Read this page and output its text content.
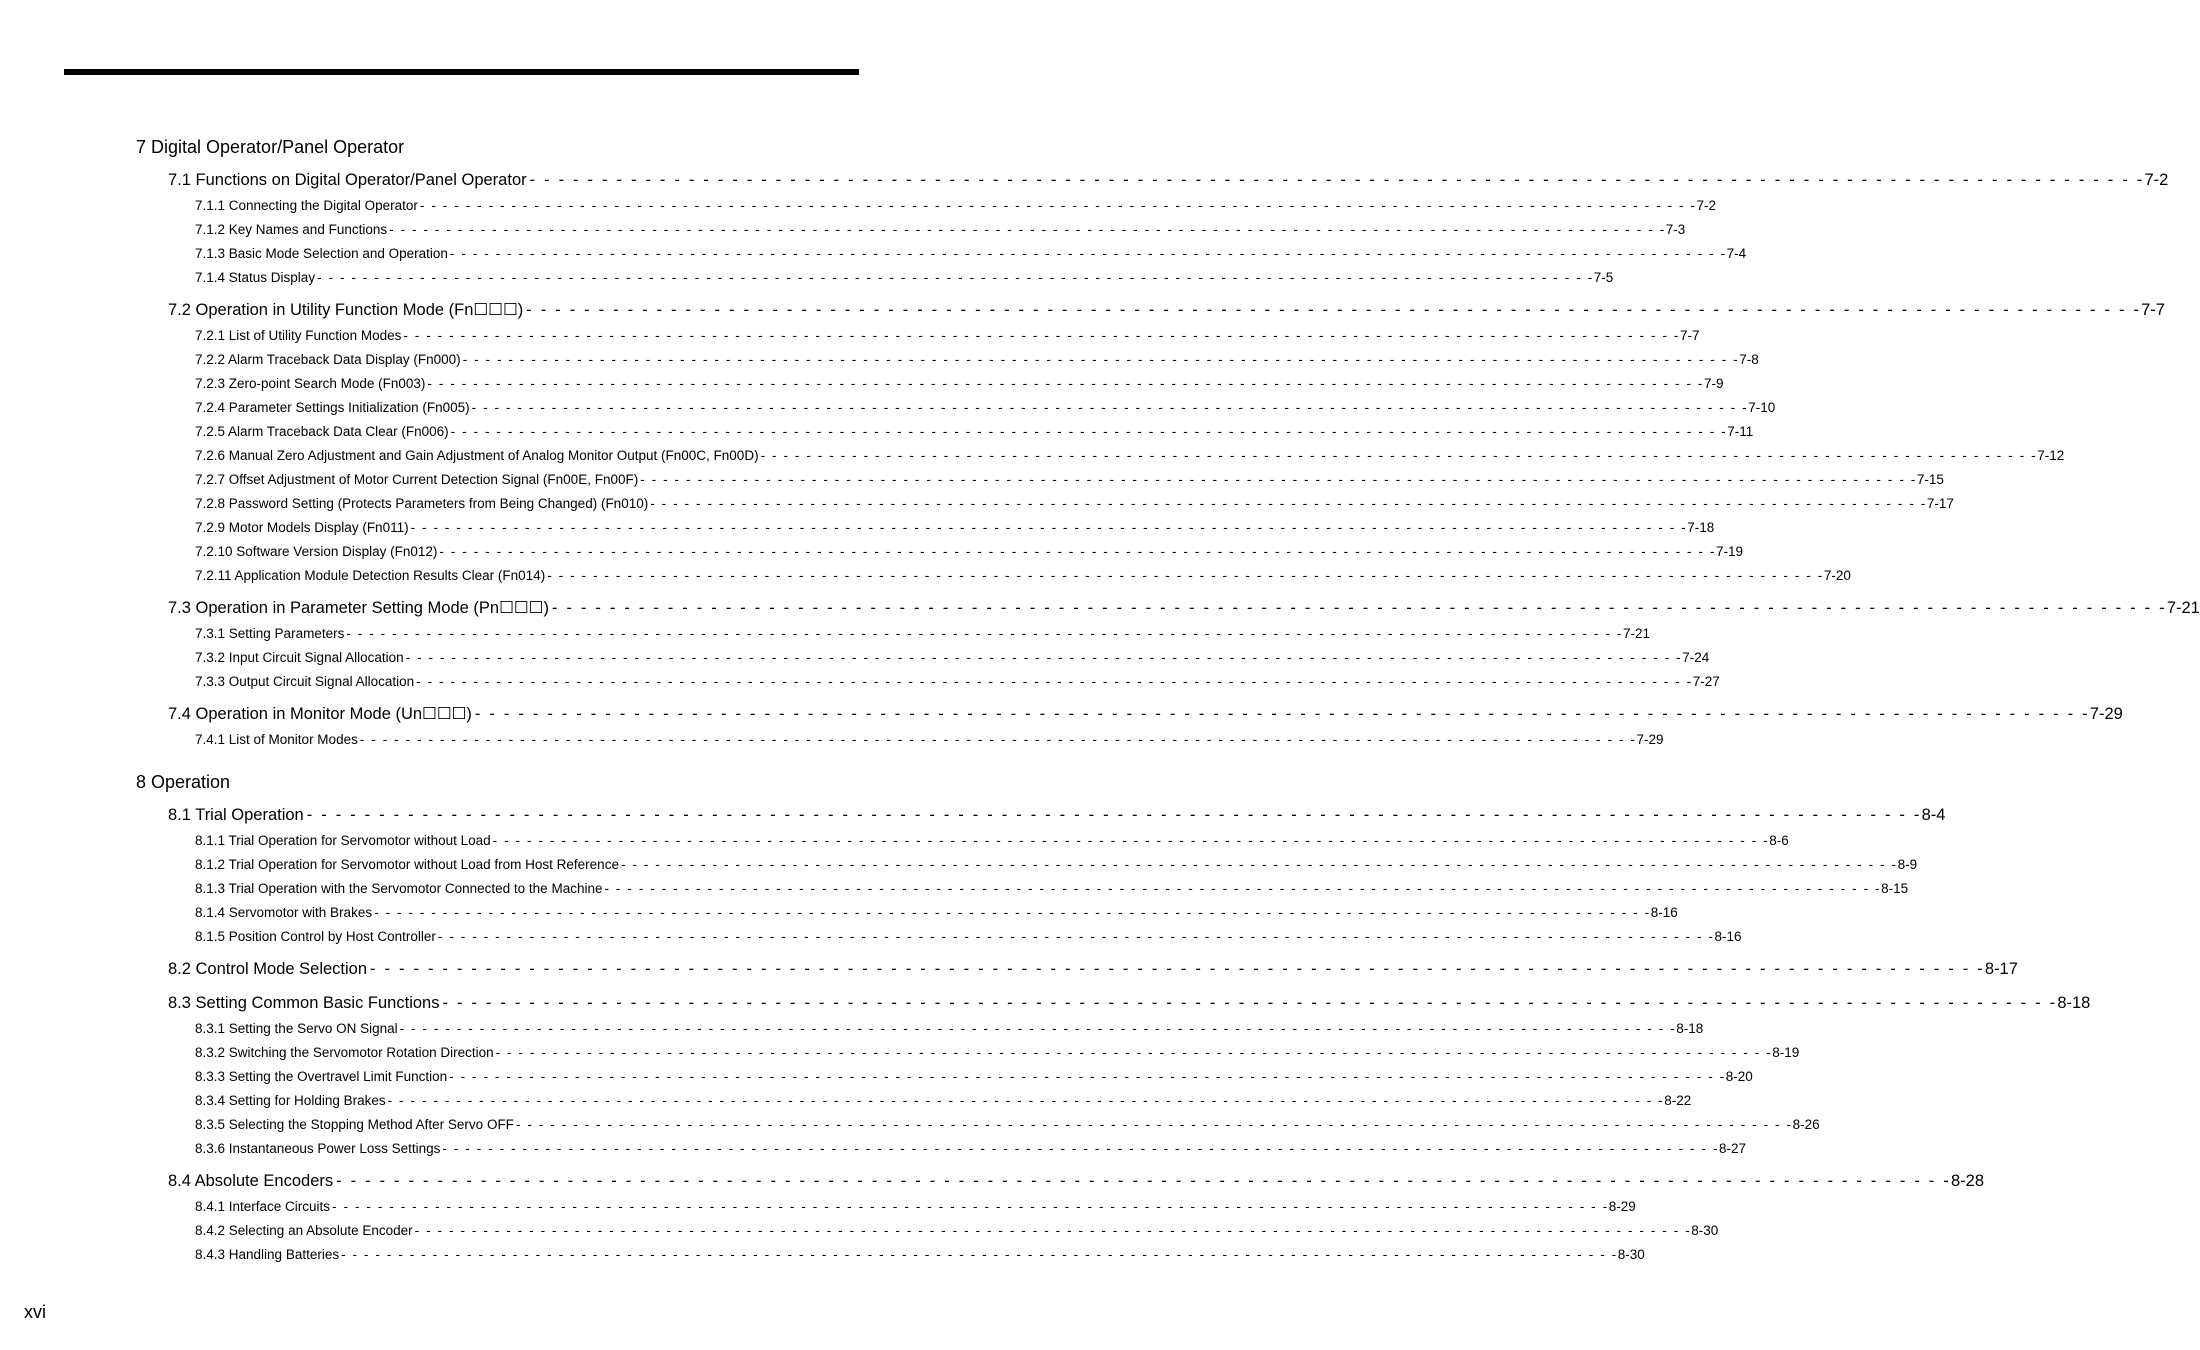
7 Digital Operator/Panel Operator
8 Operation
7.1 Functions on Digital Operator/Panel Operator - - - - - - - - - - - - - - - - - - - - - - - - - - - - - - - - - - - - - - - - - - - - - - - - - - - - - - - - - - - - - - - - - - - - - - - - - - - - - - - - - - - - - - - - - - - - - - - - - - - - - - - - - - - - - - - - 7-2
7.1.1 Connecting the Digital Operator - - - - - - - - - - - - - - - - - - - - - - - - - - - - - - - - - - - - - - - - - - - - - - - - - - - - - - - - - - - - - - - - - - - - - - - - - - - - - - - - - - - - - - - - - - - - - - - - - - - - - - - - - - - - - - - - 7-2
7.1.2 Key Names and Functions - - - - - - - - - - - - - - - - - - - - - - - - - - - - - - - - - - - - - - - - - - - - - - - - - - - - - - - - - - - - - - - - - - - - - - - - - - - - - - - - - - - - - - - - - - - - - - - - - - - - - - - - - - - - - - - - 7-3
7.1.3 Basic Mode Selection and Operation - - - - - - - - - - - - - - - - - - - - - - - - - - - - - - - - - - - - - - - - - - - - - - - - - - - - - - - - - - - - - - - - - - - - - - - - - - - - - - - - - - - - - - - - - - - - - - - - - - - - - - - - - - - - - - - - 7-4
7.1.4 Status Display - - - - - - - - - - - - - - - - - - - - - - - - - - - - - - - - - - - - - - - - - - - - - - - - - - - - - - - - - - - - - - - - - - - - - - - - - - - - - - - - - - - - - - - - - - - - - - - - - - - - - - - - - - - - - - - - 7-5
7.2 Operation in Utility Function Mode (Fn☐☐☐) - - - - - - - - - - - - - - - - - - - - - - - - - - - - - - - - - - - - - - - - - - - - - - - - - - - - - - - - - - - - - - - - - - - - - - - - - - - - - - - - - - - - - - - - - - - - - - - - - - - - - - - - - - - - - - - - 7-7
7.2.1 List of Utility Function Modes - - - - - - - - - - - - - - - - - - - - - - - - - - - - - - - - - - - - - - - - - - - - - - - - - - - - - - - - - - - - - - - - - - - - - - - - - - - - - - - - - - - - - - - - - - - - - - - - - - - - - - - - - - - - - - - - 7-7
7.2.2 Alarm Traceback Data Display (Fn000) - - - - - - - - - - - - - - - - - - - - - - - - - - - - - - - - - - - - - - - - - - - - - - - - - - - - - - - - - - - - - - - - - - - - - - - - - - - - - - - - - - - - - - - - - - - - - - - - - - - - - - - - - - - - - - - - 7-8
7.2.3 Zero-point Search Mode (Fn003) - - - - - - - - - - - - - - - - - - - - - - - - - - - - - - - - - - - - - - - - - - - - - - - - - - - - - - - - - - - - - - - - - - - - - - - - - - - - - - - - - - - - - - - - - - - - - - - - - - - - - - - - - - - - - - - - 7-9
7.2.4 Parameter Settings Initialization (Fn005) - - - - - - - - - - - - - - - - - - - - - - - - - - - - - - - - - - - - - - - - - - - - - - - - - - - - - - - - - - - - - - - - - - - - - - - - - - - - - - - - - - - - - - - - - - - - - - - - - - - - - - - - - - - - - - - - 7-10
7.2.5 Alarm Traceback Data Clear (Fn006) - - - - - - - - - - - - - - - - - - - - - - - - - - - - - - - - - - - - - - - - - - - - - - - - - - - - - - - - - - - - - - - - - - - - - - - - - - - - - - - - - - - - - - - - - - - - - - - - - - - - - - - - - - - - - - - - 7-11
7.2.6 Manual Zero Adjustment and Gain Adjustment of Analog Monitor Output (Fn00C, Fn00D) - - - - - - - - - - - - - - - - - - - - - - - - - - - - - - - - - - - - - - - - - - - - - - - - - - - - - - - - - - - - - - - - - - - - - - - - - - - - - - - - - - - - - - - - - - - - - - - - - - - - - - - - - - - - - - - - 7-12
7.2.7 Offset Adjustment of Motor Current Detection Signal (Fn00E, Fn00F) - - - - - - - - - - - - - - - - - - - - - - - - - - - - - - - - - - - - - - - - - - - - - - - - - - - - - - - - - - - - - - - - - - - - - - - - - - - - - - - - - - - - - - - - - - - - - - - - - - - - - - - - - - - - - - - - 7-15
7.2.8 Password Setting (Protects Parameters from Being Changed) (Fn010) - - - - - - - - - - - - - - - - - - - - - - - - - - - - - - - - - - - - - - - - - - - - - - - - - - - - - - - - - - - - - - - - - - - - - - - - - - - - - - - - - - - - - - - - - - - - - - - - - - - - - - - - - - - - - - - - 7-17
7.2.9 Motor Models Display (Fn011) - - - - - - - - - - - - - - - - - - - - - - - - - - - - - - - - - - - - - - - - - - - - - - - - - - - - - - - - - - - - - - - - - - - - - - - - - - - - - - - - - - - - - - - - - - - - - - - - - - - - - - - - - - - - - - - - 7-18
7.2.10 Software Version Display (Fn012) - - - - - - - - - - - - - - - - - - - - - - - - - - - - - - - - - - - - - - - - - - - - - - - - - - - - - - - - - - - - - - - - - - - - - - - - - - - - - - - - - - - - - - - - - - - - - - - - - - - - - - - - - - - - - - - - 7-19
7.2.11 Application Module Detection Results Clear (Fn014) - - - - - - - - - - - - - - - - - - - - - - - - - - - - - - - - - - - - - - - - - - - - - - - - - - - - - - - - - - - - - - - - - - - - - - - - - - - - - - - - - - - - - - - - - - - - - - - - - - - - - - - - - - - - - - - - 7-20
7.3 Operation in Parameter Setting Mode (Pn☐☐☐) - - - - - - - - - - - - - - - - - - - - - - - - - - - - - - - - - - - - - - - - - - - - - - - - - - - - - - - - - - - - - - - - - - - - - - - - - - - - - - - - - - - - - - - - - - - - - - - - - - - - - - - - - - - - - - - - 7-21
7.3.1 Setting Parameters - - - - - - - - - - - - - - - - - - - - - - - - - - - - - - - - - - - - - - - - - - - - - - - - - - - - - - - - - - - - - - - - - - - - - - - - - - - - - - - - - - - - - - - - - - - - - - - - - - - - - - - - - - - - - - - - 7-21
7.3.2 Input Circuit Signal Allocation - - - - - - - - - - - - - - - - - - - - - - - - - - - - - - - - - - - - - - - - - - - - - - - - - - - - - - - - - - - - - - - - - - - - - - - - - - - - - - - - - - - - - - - - - - - - - - - - - - - - - - - - - - - - - - - - 7-24
7.3.3 Output Circuit Signal Allocation - - - - - - - - - - - - - - - - - - - - - - - - - - - - - - - - - - - - - - - - - - - - - - - - - - - - - - - - - - - - - - - - - - - - - - - - - - - - - - - - - - - - - - - - - - - - - - - - - - - - - - - - - - - - - - - - 7-27
7.4 Operation in Monitor Mode (Un☐☐☐) - - - - - - - - - - - - - - - - - - - - - - - - - - - - - - - - - - - - - - - - - - - - - - - - - - - - - - - - - - - - - - - - - - - - - - - - - - - - - - - - - - - - - - - - - - - - - - - - - - - - - - - - - - - - - - - - 7-29
7.4.1 List of Monitor Modes - - - - - - - - - - - - - - - - - - - - - - - - - - - - - - - - - - - - - - - - - - - - - - - - - - - - - - - - - - - - - - - - - - - - - - - - - - - - - - - - - - - - - - - - - - - - - - - - - - - - - - - - - - - - - - - - 7-29
8.1 Trial Operation - - - - - - - - - - - - - - - - - - - - - - - - - - - - - - - - - - - - - - - - - - - - - - - - - - - - - - - - - - - - - - - - - - - - - - - - - - - - - - - - - - - - - - - - - - - - - - - - - - - - - - - - - - - - - - - - 8-4
8.1.1 Trial Operation for Servomotor without Load - - - - - - - - - - - - - - - - - - - - - - - - - - - - - - - - - - - - - - - - - - - - - - - - - - - - - - - - - - - - - - - - - - - - - - - - - - - - - - - - - - - - - - - - - - - - - - - - - - - - - - - - - - - - - - - - 8-6
8.1.2 Trial Operation for Servomotor without Load from Host Reference - - - - - - - - - - - - - - - - - - - - - - - - - - - - - - - - - - - - - - - - - - - - - - - - - - - - - - - - - - - - - - - - - - - - - - - - - - - - - - - - - - - - - - - - - - - - - - - - - - - - - - - - - - - - - - - - 8-9
8.1.3 Trial Operation with the Servomotor Connected to the Machine - - - - - - - - - - - - - - - - - - - - - - - - - - - - - - - - - - - - - - - - - - - - - - - - - - - - - - - - - - - - - - - - - - - - - - - - - - - - - - - - - - - - - - - - - - - - - - - - - - - - - - - - - - - - - - - - 8-15
8.1.4 Servomotor with Brakes - - - - - - - - - - - - - - - - - - - - - - - - - - - - - - - - - - - - - - - - - - - - - - - - - - - - - - - - - - - - - - - - - - - - - - - - - - - - - - - - - - - - - - - - - - - - - - - - - - - - - - - - - - - - - - - - 8-16
8.1.5 Position Control by Host Controller - - - - - - - - - - - - - - - - - - - - - - - - - - - - - - - - - - - - - - - - - - - - - - - - - - - - - - - - - - - - - - - - - - - - - - - - - - - - - - - - - - - - - - - - - - - - - - - - - - - - - - - - - - - - - - - - 8-16
8.2 Control Mode Selection - - - - - - - - - - - - - - - - - - - - - - - - - - - - - - - - - - - - - - - - - - - - - - - - - - - - - - - - - - - - - - - - - - - - - - - - - - - - - - - - - - - - - - - - - - - - - - - - - - - - - - - - - - - - - - - - 8-17
8.3 Setting Common Basic Functions - - - - - - - - - - - - - - - - - - - - - - - - - - - - - - - - - - - - - - - - - - - - - - - - - - - - - - - - - - - - - - - - - - - - - - - - - - - - - - - - - - - - - - - - - - - - - - - - - - - - - - - - - - - - - - - - 8-18
8.3.1 Setting the Servo ON Signal - - - - - - - - - - - - - - - - - - - - - - - - - - - - - - - - - - - - - - - - - - - - - - - - - - - - - - - - - - - - - - - - - - - - - - - - - - - - - - - - - - - - - - - - - - - - - - - - - - - - - - - - - - - - - - - - 8-18
8.3.2 Switching the Servomotor Rotation Direction - - - - - - - - - - - - - - - - - - - - - - - - - - - - - - - - - - - - - - - - - - - - - - - - - - - - - - - - - - - - - - - - - - - - - - - - - - - - - - - - - - - - - - - - - - - - - - - - - - - - - - - - - - - - - - - - 8-19
8.3.3 Setting the Overtravel Limit Function - - - - - - - - - - - - - - - - - - - - - - - - - - - - - - - - - - - - - - - - - - - - - - - - - - - - - - - - - - - - - - - - - - - - - - - - - - - - - - - - - - - - - - - - - - - - - - - - - - - - - - - - - - - - - - - - 8-20
8.3.4 Setting for Holding Brakes - - - - - - - - - - - - - - - - - - - - - - - - - - - - - - - - - - - - - - - - - - - - - - - - - - - - - - - - - - - - - - - - - - - - - - - - - - - - - - - - - - - - - - - - - - - - - - - - - - - - - - - - - - - - - - - - 8-22
8.3.5 Selecting the Stopping Method After Servo OFF - - - - - - - - - - - - - - - - - - - - - - - - - - - - - - - - - - - - - - - - - - - - - - - - - - - - - - - - - - - - - - - - - - - - - - - - - - - - - - - - - - - - - - - - - - - - - - - - - - - - - - - - - - - - - - - - 8-26
8.3.6 Instantaneous Power Loss Settings - - - - - - - - - - - - - - - - - - - - - - - - - - - - - - - - - - - - - - - - - - - - - - - - - - - - - - - - - - - - - - - - - - - - - - - - - - - - - - - - - - - - - - - - - - - - - - - - - - - - - - - - - - - - - - - - 8-27
8.4 Absolute Encoders - - - - - - - - - - - - - - - - - - - - - - - - - - - - - - - - - - - - - - - - - - - - - - - - - - - - - - - - - - - - - - - - - - - - - - - - - - - - - - - - - - - - - - - - - - - - - - - - - - - - - - - - - - - - - - - - 8-28
8.4.1 Interface Circuits - - - - - - - - - - - - - - - - - - - - - - - - - - - - - - - - - - - - - - - - - - - - - - - - - - - - - - - - - - - - - - - - - - - - - - - - - - - - - - - - - - - - - - - - - - - - - - - - - - - - - - - - - - - - - - - - 8-29
8.4.2 Selecting an Absolute Encoder - - - - - - - - - - - - - - - - - - - - - - - - - - - - - - - - - - - - - - - - - - - - - - - - - - - - - - - - - - - - - - - - - - - - - - - - - - - - - - - - - - - - - - - - - - - - - - - - - - - - - - - - - - - - - - - - 8-30
8.4.3 Handling Batteries - - - - - - - - - - - - - - - - - - - - - - - - - - - - - - - - - - - - - - - - - - - - - - - - - - - - - - - - - - - - - - - - - - - - - - - - - - - - - - - - - - - - - - - - - - - - - - - - - - - - - - - - - - - - - - - - 8-30
xvi
